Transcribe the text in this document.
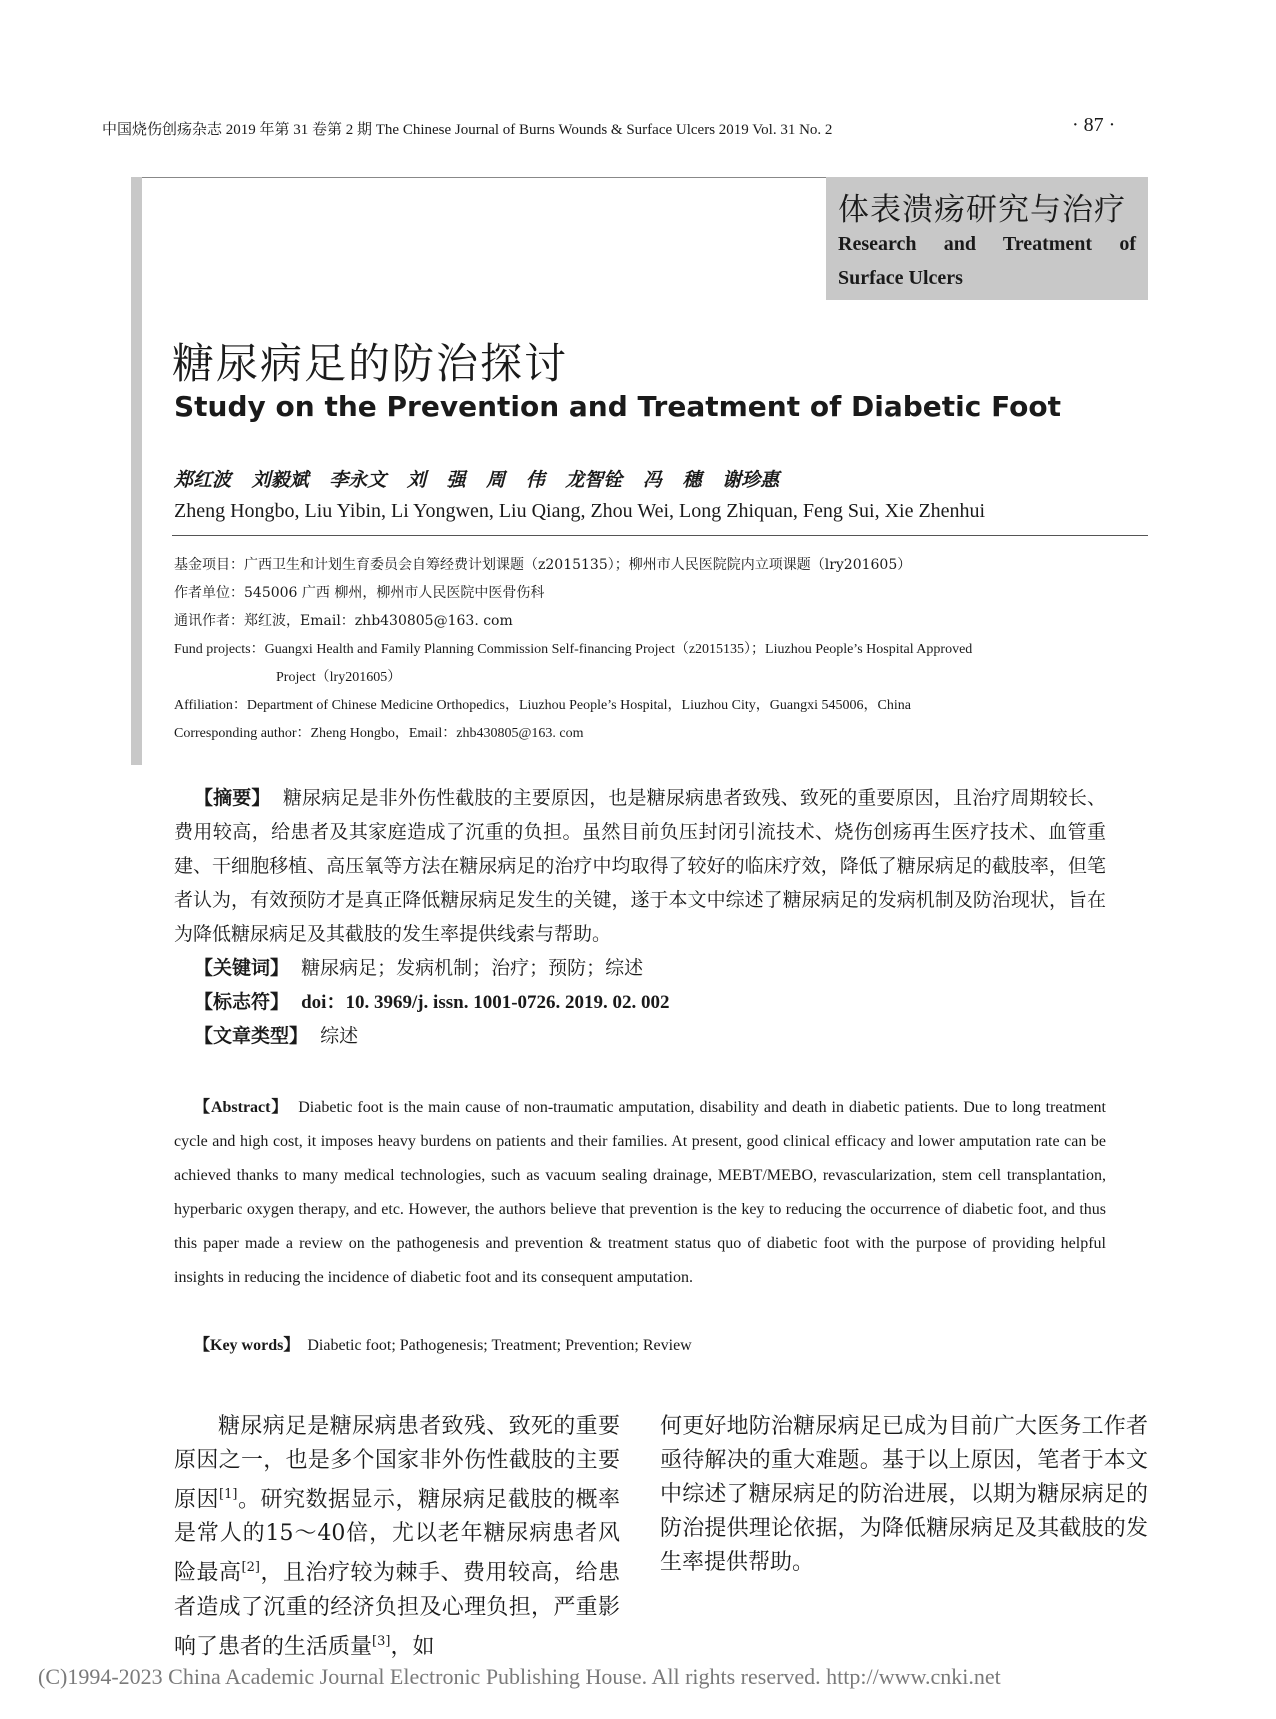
中国烧伤创疡杂志 2019 年第 31 卷第 2 期 The Chinese Journal of Burns Wounds & Surface Ulcers 2019 Vol. 31 No. 2	· 87 ·
体表溃疡研究与治疗
Research and Treatment of
Surface Ulcers
糖尿病足的防治探讨
Study on the Prevention and Treatment of Diabetic Foot
郑红波 刘毅斌 李永文 刘 强 周 伟 龙智铨 冯 穗 谢珍惠
Zheng Hongbo, Liu Yibin, Li Yongwen, Liu Qiang, Zhou Wei, Long Zhiquan, Feng Sui, Xie Zhenhui
基金项目：广西卫生和计划生育委员会自筹经费计划课题（z2015135）；柳州市人民医院院内立项课题（lry201605）
作者单位：545006 广西 柳州，柳州市人民医院中医骨伤科
通讯作者：郑红波，Email：zhb430805@163. com
Fund projects：Guangxi Health and Family Planning Commission Self-financing Project（z2015135）；Liuzhou People’s Hospital Approved
Project（lry201605）
Affiliation：Department of Chinese Medicine Orthopedics，Liuzhou People’s Hospital，Liuzhou City，Guangxi 545006，China
Corresponding author：Zheng Hongbo，Email：zhb430805@163. com
【摘要】 糖尿病足是非外伤性截肢的主要原因，也是糖尿病患者致残、致死的重要原因，且治疗周期较长、费用较高，给患者及其家庭造成了沉重的负担。虽然目前负压封闭引流技术、烧伤创疡再生医疗技术、血管重建、干细胞移植、高压氧等方法在糖尿病足的治疗中均取得了较好的临床疗效，降低了糖尿病足的截肢率，但笔者认为，有效预防才是真正降低糖尿病足发生的关键，遂于本文中综述了糖尿病足的发病机制及防治现状，旨在为降低糖尿病足及其截肢的发生率提供线索与帮助。
【关键词】 糖尿病足；发病机制；治疗；预防；综述
【标志符】 doi：10. 3969/j. issn. 1001-0726. 2019. 02. 002
【文章类型】 综述
【Abstract】 Diabetic foot is the main cause of non-traumatic amputation, disability and death in diabetic patients. Due to long treatment cycle and high cost, it imposes heavy burdens on patients and their families. At present, good clinical efficacy and lower amputation rate can be achieved thanks to many medical technologies, such as vacuum sealing drainage, MEBT/MEBO, revascularization, stem cell transplantation, hyperbaric oxygen therapy, and etc. However, the authors believe that prevention is the key to reducing the occurrence of diabetic foot, and thus this paper made a review on the pathogenesis and prevention & treatment status quo of diabetic foot with the purpose of providing helpful insights in reducing the incidence of diabetic foot and its consequent amputation.
【Key words】 Diabetic foot; Pathogenesis; Treatment; Prevention; Review
糖尿病足是糖尿病患者致残、致死的重要原因之一，也是多个国家非外伤性截肢的主要原因[1]。研究数据显示，糖尿病足截肢的概率是常人的15～40倍，尤以老年糖尿病患者风险最高[2]，且治疗较为棘手、费用较高，给患者造成了沉重的经济负担及心理负担，严重影响了患者的生活质量[3]，如
何更好地防治糖尿病足已成为目前广大医务工作者亟待解决的重大难题。基于以上原因，笔者于本文中综述了糖尿病足的防治进展，以期为糖尿病足的防治提供理论依据，为降低糖尿病足及其截肢的发生率提供帮助。
(C)1994-2023 China Academic Journal Electronic Publishing House. All rights reserved. http://www.cnki.net
